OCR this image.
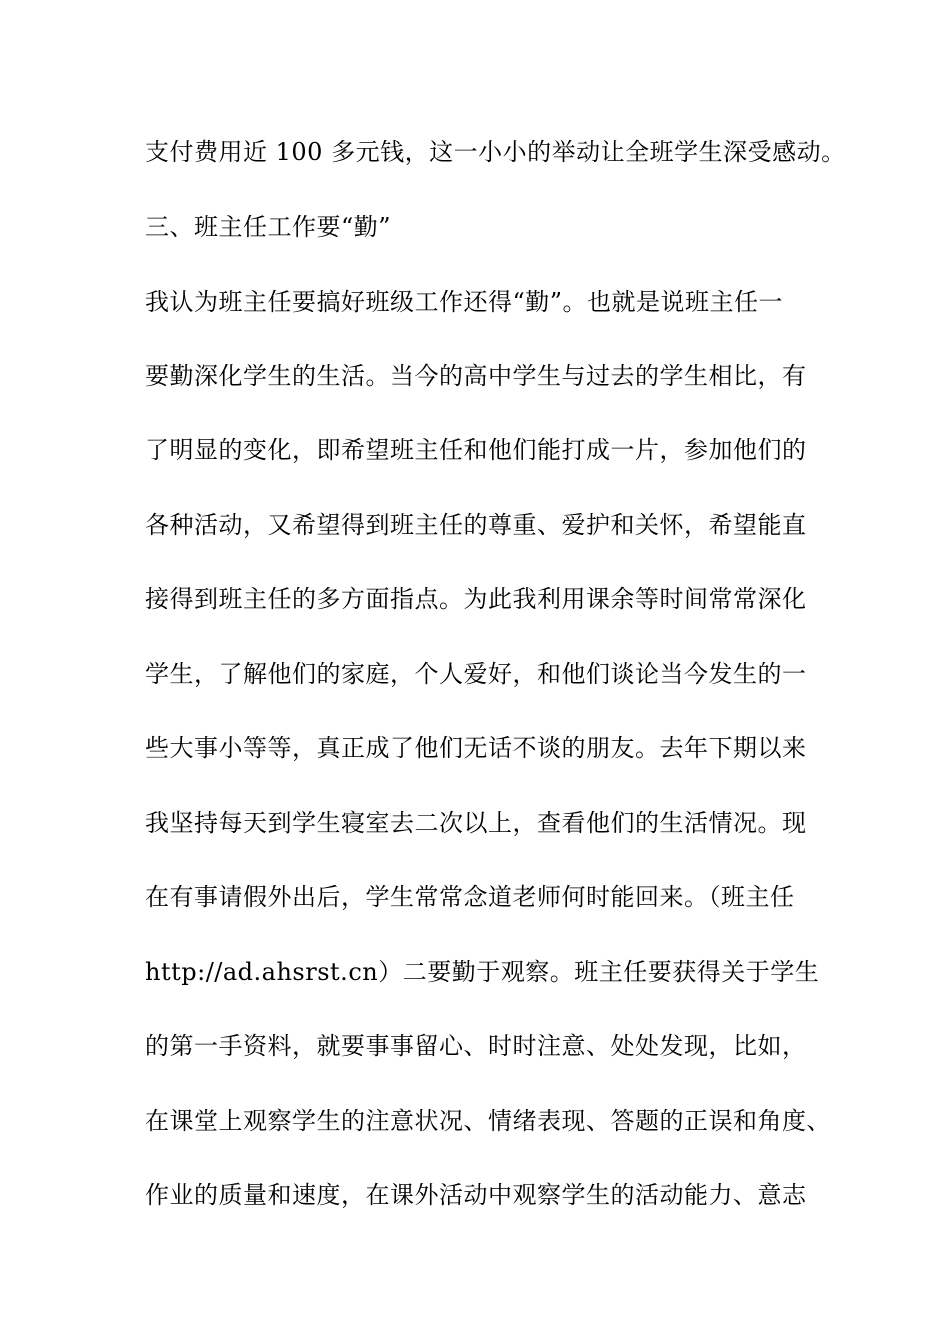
支付费用近 100 多元钱，这一小小的举动让全班学生深受感动。
三、班主任工作要“勤”
我认为班主任要搞好班级工作还得“勤”。也就是说班主任一
要勤深化学生的生活。当今的高中学生与过去的学生相比，有
了明显的变化，即希望班主任和他们能打成一片，参加他们的
各种活动，又希望得到班主任的尊重、爱护和关怀，希望能直
接得到班主任的多方面指点。为此我利用课余等时间常常深化
学生，了解他们的家庭，个人爱好，和他们谈论当今发生的一
些大事小等等，真正成了他们无话不谈的朋友。去年下期以来
我坚持每天到学生寝室去二次以上，查看他们的生活情况。现
在有事请假外出后，学生常常念道老师何时能回来。（班主任
http://ad.ahsrst.cn）二要勤于观察。班主任要获得关于学生
的第一手资料，就要事事留心、时时注意、处处发现，比如，
在课堂上观察学生的注意状况、情绪表现、答题的正误和角度、
作业的质量和速度，在课外活动中观察学生的活动能力、意志
